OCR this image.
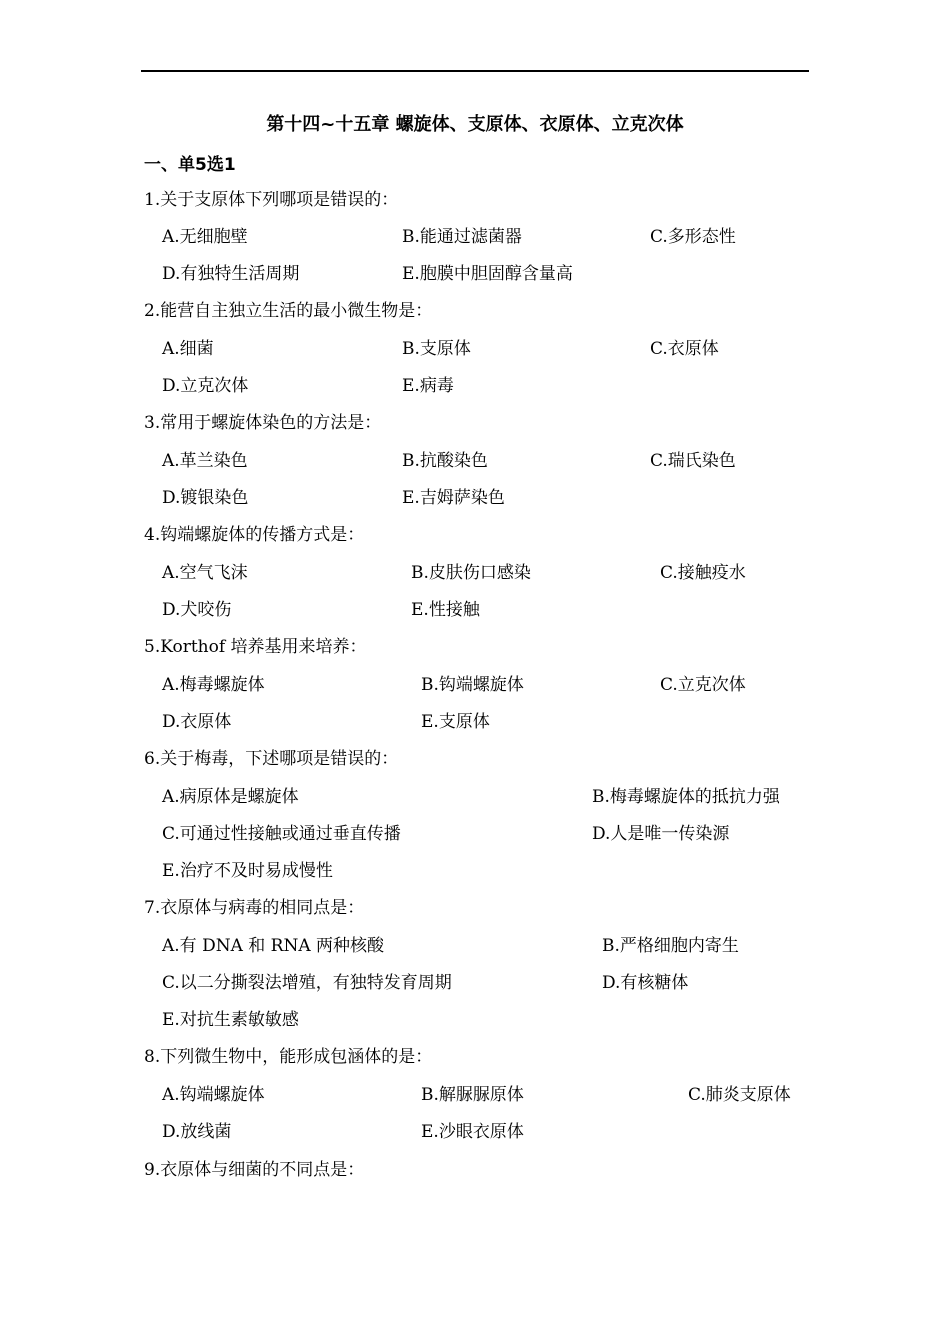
第十四~十五章 螺旋体、支原体、衣原体、立克次体
一、单5选1
1.关于支原体下列哪项是错误的：
A.无细胞壁	B.能通过滤菌器	C.多形态性
D.有独特生活周期	E.胞膜中胆固醇含量高
2.能营自主独立生活的最小微生物是：
A.细菌	B.支原体	C.衣原体
D.立克次体	E.病毒
3.常用于螺旋体染色的方法是：
A.革兰染色	B.抗酸染色	C.瑞氏染色
D.镀银染色	E.吉姆萨染色
4.钩端螺旋体的传播方式是：
A.空气飞沫	B.皮肤伤口感染	C.接触疫水
D.犬咬伤	E.性接触
5.Korthof 培养基用来培养：
A.梅毒螺旋体	B.钩端螺旋体	C.立克次体
D.衣原体	E.支原体
6.关于梅毒，下述哪项是错误的：
A.病原体是螺旋体	B.梅毒螺旋体的抵抗力强
C.可通过性接触或通过垂直传播	D.人是唯一传染源
E.治疗不及时易成慢性
7.衣原体与病毒的相同点是：
A.有 DNA 和 RNA 两种核酸	B.严格细胞内寄生
C.以二分撕裂法增殖，有独特发育周期	D.有核糖体
E.对抗生素敏敏感
8.下列微生物中，能形成包涵体的是：
A.钩端螺旋体	B.解脲脲原体	C.肺炎支原体
D.放线菌	E.沙眼衣原体
9.衣原体与细菌的不同点是：
